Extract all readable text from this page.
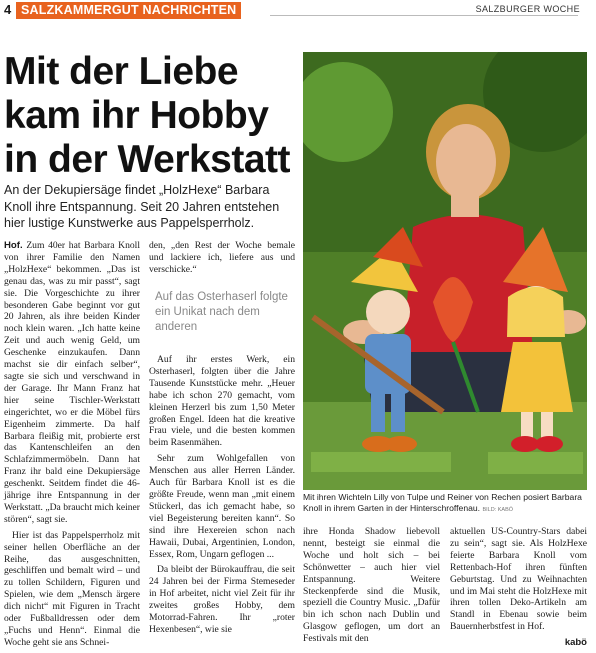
4 SALZKAMMERGUT NACHRICHTEN	SALZBURGER WOCHE
Mit der Liebe kam ihr Hobby in der Werkstatt
An der Dekupiersäge findet „HolzHexe“ Barbara Knoll ihre Entspannung. Seit 20 Jahren entstehen hier lustige Kunstwerke aus Pappelsperrholz.

Hof. Zum 40er hat Barbara Knoll von ihrer Familie den Namen „HolzHexe“ bekommen. „Das ist genau das, was zu mir passt“, sagt sie. Die Vorgeschichte zu ihrer besonderen Gabe beginnt vor gut 20 Jahren, als ihre beiden Kinder noch klein waren. „Ich hatte keine Zeit und auch wenig Geld, um Geschenke einzukaufen. Dann machst sie dir einfach selber“, sagte sie sich und verschwand in der Garage. Ihr Mann Franz hat hier seine Tischler-Werkstatt eingerichtet, wo er die Möbel fürs Eigenheim zimmerte. Da half Barbara fleißig mit, probierte erst das Kantenschleifen an den Schlafzimmermöbeln. Dann hat Franz ihr bald eine Dekupiersäge geschenkt. Seitdem findet die 46-jährige ihre Entspannung in der Werkstatt. „Da braucht mich keiner stören“, sagt sie.

Hier ist das Pappelsperrholz mit seiner hellen Oberfläche an der Reihe, das ausgeschnitten, geschliffen und bemalt wird – und zu tollen Schildern, Figuren und Spielen, wie dem „Mensch ärgere dich nicht“ mit Figuren in Tracht oder Fußballdressen oder dem „Fuchs und Henn“. Einmal die Woche geht sie ans Schnei-

den, „den Rest der Woche bemale und lackiere ich, liefere aus und verschicke.“

Auf das Osterhaserl folgte ein Unikat nach dem anderen

Auf ihr erstes Werk, ein Osterhaserl, folgten über die Jahre Tausende Kunststücke mehr. „Heuer habe ich schon 270 gemacht, vom kleinen Herzerl bis zum 1,50 Meter großen Engel. Ideen hat die kreative Frau viele, und die besten kommen beim Rasenmähen.

Sehr zum Wohlgefallen von Menschen aus aller Herren Länder. Auch für Barbara Knoll ist es die größte Freude, wenn man „mit einem Stückerl, das ich gemacht habe, so viel Begeisterung bereiten kann“. So sind ihre Hexereien schon nach Hawaii, Dubai, Argentinien, London, Essex, Rom, Ungarn geflogen ...

Da bleibt der Bürokauffrau, die seit 24 Jahren bei der Firma Stemeseder in Hof arbeitet, nicht viel Zeit für ihr zweites großes Hobby, dem Motorrad-Fahren. Ihr „roter Hexenbesen“, wie sie

Mit ihren Wichteln Lilly von Tulpe und Reiner von Rechen posiert Barbara Knoll in ihrem Garten in der Hinterschroffenau. BILD: KABÖ

ihre Honda Shadow liebevoll nennt, besteigt sie einmal die Woche und holt sich – bei Schönwetter – auch hier viel Entspannung. Weitere Steckenpferde sind die Musik, speziell die Country Music. „Dafür bin ich schon nach Dublin und Glasgow geflogen, um dort an Festivals mit den

aktuellen US-Country-Stars dabei zu sein“, sagt sie. Als HolzHexe feierte Barbara Knoll vom Rettenbach-Hof ihren fünften Geburtstag. Und zu Weihnachten und im Mai steht die HolzHexe mit ihren tollen Deko-Artikeln am Standl in Ebenau sowie beim Bauernherbstfest in Hof.

kabö
